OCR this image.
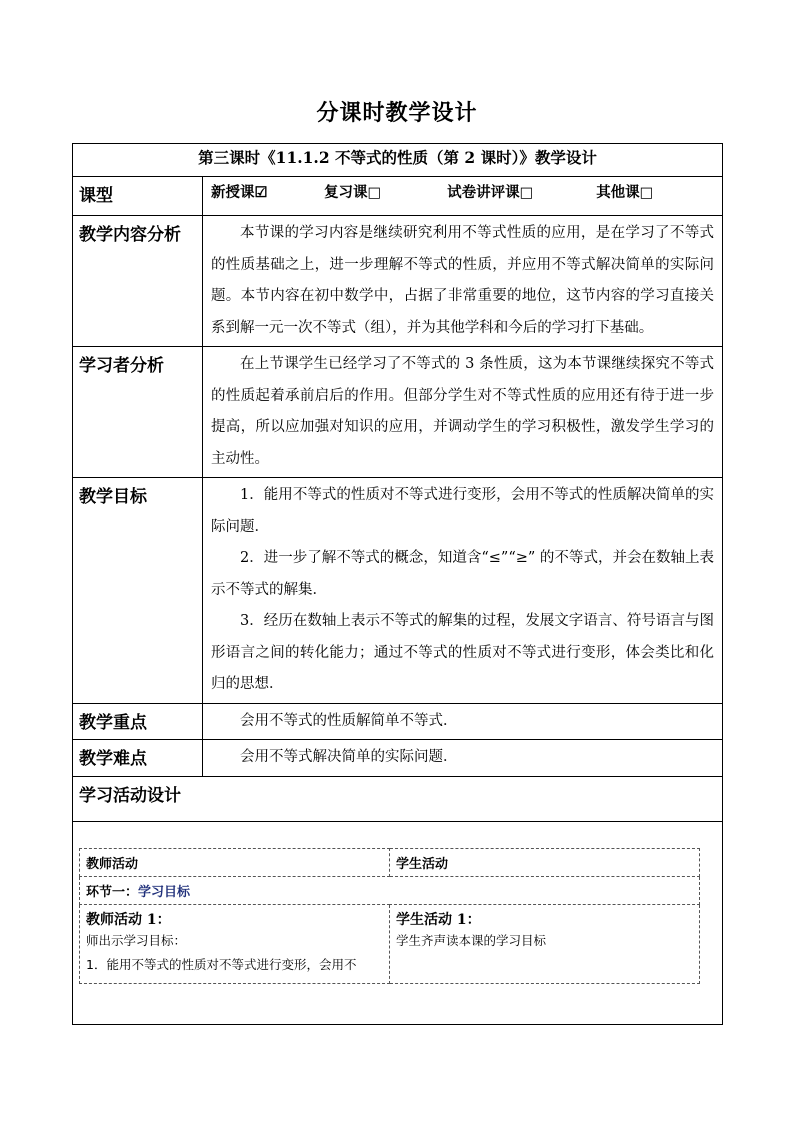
分课时教学设计
第三课时《11.1.2 不等式的性质（第 2 课时）》教学设计
课型	新授课☑	复习课□	试卷讲评课□	其他课□
教学内容分析	本节课的学习内容是继续研究利用不等式性质的应用，是在学习了不等式的性质基础之上，进一步理解不等式的性质，并应用不等式解决简单的实际问题。本节内容在初中数学中，占据了非常重要的地位，这节内容的学习直接关系到解一元一次不等式（组），并为其他学科和今后的学习打下基础。
学习者分析	在上节课学生已经学习了不等式的 3 条性质，这为本节课继续探究不等式的性质起着承前启后的作用。但部分学生对不等式性质的应用还有待于进一步提高，所以应加强对知识的应用，并调动学生的学习积极性，激发学生学习的主动性。
教学目标	1．能用不等式的性质对不等式进行变形，会用不等式的性质解决简单的实际问题．
2．进一步了解不等式的概念，知道含“≤”“≥” 的不等式，并会在数轴上表示不等式的解集．
3．经历在数轴上表示不等式的解集的过程，发展文字语言、符号语言与图形语言之间的转化能力；通过不等式的性质对不等式进行变形，体会类比和化归的思想．

教学重点	会用不等式的性质解简单不等式．
教学难点	会用不等式解决简单的实际问题．
学习活动设计

教师活动	学生活动
环节一：学习目标

教师活动 1：
师出示学习目标：
1．能用不等式的性质对不等式进行变形，会用不

学生活动 1：
学生齐声读本课的学习目标
